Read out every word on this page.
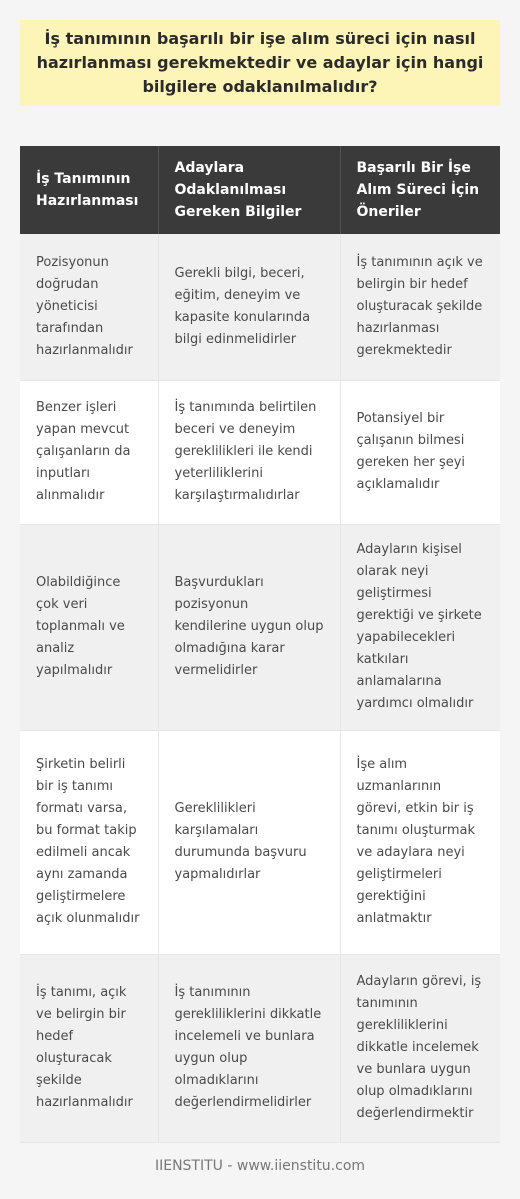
İş tanımının başarılı bir işe alım süreci için nasıl hazırlanması gerekmektedir ve adaylar için hangi bilgilere odaklanılmalıdır?
İş Tanımının Hazırlanması	Adaylara Odaklanılması Gereken Bilgiler	Başarılı Bir İşe Alım Süreci İçin Öneriler
Pozisyonun doğrudan yöneticisi tarafından hazırlanmalıdır	Gerekli bilgi, beceri, eğitim, deneyim ve kapasite konularında bilgi edinmelidirler	İş tanımının açık ve belirgin bir hedef oluşturacak şekilde hazırlanması gerekmektedir
Benzer işleri yapan mevcut çalışanların da inputları alınmalıdır	İş tanımında belirtilen beceri ve deneyim gereklilikleri ile kendi yeterliliklerini karşılaştırmalıdırlar	Potansiyel bir çalışanın bilmesi gereken her şeyi açıklamalıdır
Olabildiğince çok veri toplanmalı ve analiz yapılmalıdır	Başvurdukları pozisyonun kendilerine uygun olup olmadığına karar vermelidirler	Adayların kişisel olarak neyi geliştirmesi gerektiği ve şirkete yapabilecekleri katkıları anlamalarına yardımcı olmalıdır
Şirketin belirli bir iş tanımı formatı varsa, bu format takip edilmeli ancak aynı zamanda geliştirmelere açık olunmalıdır	Gereklilikleri karşılamaları durumunda başvuru yapmalıdırlar	İşe alım uzmanlarının görevi, etkin bir iş tanımı oluşturmak ve adaylara neyi geliştirmeleri gerektiğini anlatmaktır
İş tanımı, açık ve belirgin bir hedef oluşturacak şekilde hazırlanmalıdır	İş tanımının gerekliliklerini dikkatle incelemeli ve bunlara uygun olup olmadıklarını değerlendirmelidirler	Adayların görevi, iş tanımının gerekliliklerini dikkatle incelemek ve bunlara uygun olup olmadıklarını değerlendirmektir
IIENSTITU - www.iienstitu.com
